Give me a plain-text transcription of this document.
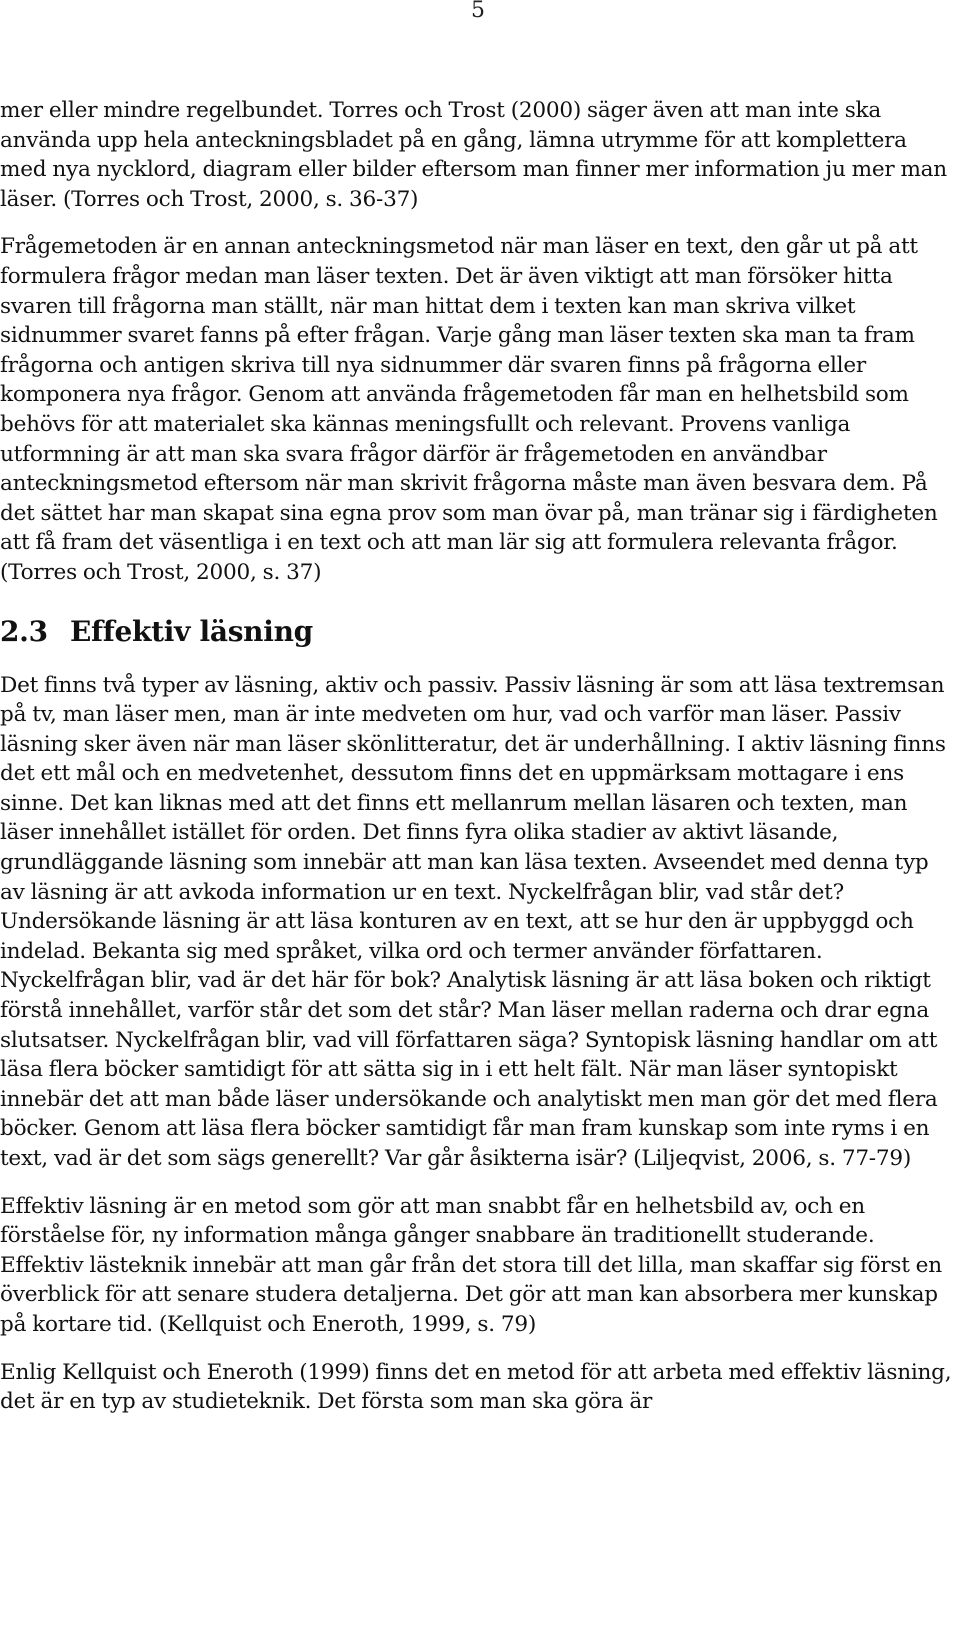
5

mer eller mindre regelbundet. Torres och Trost (2000) säger även att man inte ska använda upp hela anteckningsbladet på en gång, lämna utrymme för att komplettera med nya nycklord, diagram eller bilder eftersom man finner mer information ju mer man läser. (Torres och Trost, 2000, s. 36-37)

Frågemetoden är en annan anteckningsmetod när man läser en text, den går ut på att formulera frågor medan man läser texten. Det är även viktigt att man försöker hitta svaren till frågorna man ställt, när man hittat dem i texten kan man skriva vilket sidnummer svaret fanns på efter frågan. Varje gång man läser texten ska man ta fram frågorna och antigen skriva till nya sidnummer där svaren finns på frågorna eller komponera nya frågor. Genom att använda frågemetoden får man en helhetsbild som behövs för att materialet ska kännas meningsfullt och relevant. Provens vanliga utformning är att man ska svara frågor därför är frågemetoden en användbar anteckningsmetod eftersom när man skrivit frågorna måste man även besvara dem. På det sättet har man skapat sina egna prov som man övar på, man tränar sig i färdigheten att få fram det väsentliga i en text och att man lär sig att formulera relevanta frågor. (Torres och Trost, 2000, s. 37)

2.3 Effektiv läsning

Det finns två typer av läsning, aktiv och passiv. Passiv läsning är som att läsa textremsan på tv, man läser men, man är inte medveten om hur, vad och varför man läser. Passiv läsning sker även när man läser skönlitteratur, det är underhållning. I aktiv läsning finns det ett mål och en medvetenhet, dessutom finns det en uppmärksam mottagare i ens sinne. Det kan liknas med att det finns ett mellanrum mellan läsaren och texten, man läser innehållet istället för orden. Det finns fyra olika stadier av aktivt läsande, grundläggande läsning som innebär att man kan läsa texten. Avseendet med denna typ av läsning är att avkoda information ur en text. Nyckelfrågan blir, vad står det? Undersökande läsning är att läsa konturen av en text, att se hur den är uppbyggd och indelad. Bekanta sig med språket, vilka ord och termer använder författaren. Nyckelfrågan blir, vad är det här för bok? Analytisk läsning är att läsa boken och riktigt förstå innehållet, varför står det som det står? Man läser mellan raderna och drar egna slutsatser. Nyckelfrågan blir, vad vill författaren säga? Syntopisk läsning handlar om att läsa flera böcker samtidigt för att sätta sig in i ett helt fält. När man läser syntopiskt innebär det att man både läser undersökande och analytiskt men man gör det med flera böcker. Genom att läsa flera böcker samtidigt får man fram kunskap som inte ryms i en text, vad är det som sägs generellt? Var går åsikterna isär? (Liljeqvist, 2006, s. 77-79)

Effektiv läsning är en metod som gör att man snabbt får en helhetsbild av, och en förståelse för, ny information många gånger snabbare än traditionellt studerande. Effektiv lästeknik innebär att man går från det stora till det lilla, man skaffar sig först en överblick för att senare studera detaljerna. Det gör att man kan absorbera mer kunskap på kortare tid. (Kellquist och Eneroth, 1999, s. 79)

Enlig Kellquist och Eneroth (1999) finns det en metod för att arbeta med effektiv läsning, det är en typ av studieteknik. Det första som man ska göra är
